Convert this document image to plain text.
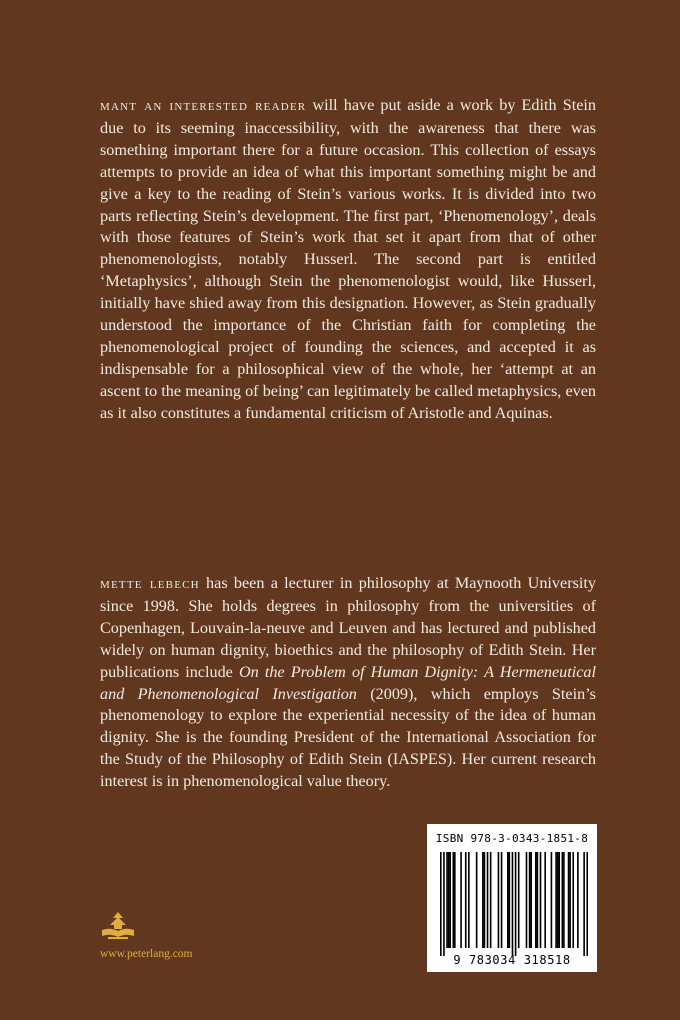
mant an interested reader will have put aside a work by Edith Stein due to its seeming inaccessibility, with the awareness that there was something important there for a future occasion. This collection of essays attempts to provide an idea of what this important something might be and give a key to the reading of Stein’s various works. It is divided into two parts reflecting Stein’s development. The first part, ‘Phenomenology’, deals with those features of Stein’s work that set it apart from that of other phenomenologists, notably Husserl. The second part is entitled ‘Metaphysics’, although Stein the phenomenologist would, like Husserl, initially have shied away from this designation. However, as Stein gradually understood the importance of the Christian faith for completing the phenomenological project of founding the sciences, and accepted it as indispensable for a philosophical view of the whole, her ‘attempt at an ascent to the meaning of being’ can legitimately be called metaphysics, even as it also constitutes a fundamental criticism of Aristotle and Aquinas.

mette lebech has been a lecturer in philosophy at Maynooth University since 1998. She holds degrees in philosophy from the universities of Copenhagen, Louvain-la-neuve and Leuven and has lectured and published widely on human dignity, bioethics and the philosophy of Edith Stein. Her publications include On the Problem of Human Dignity: A Hermeneutical and Phenomenological Investigation (2009), which employs Stein’s phenomenology to explore the experiential necessity of the idea of human dignity. She is the founding President of the International Association for the Study of the Philosophy of Edith Stein (IASPES). Her current research interest is in phenomenological value theory.

ISBN 978-3-0343-1851-8
9 783034 318518
www.peterlang.com
